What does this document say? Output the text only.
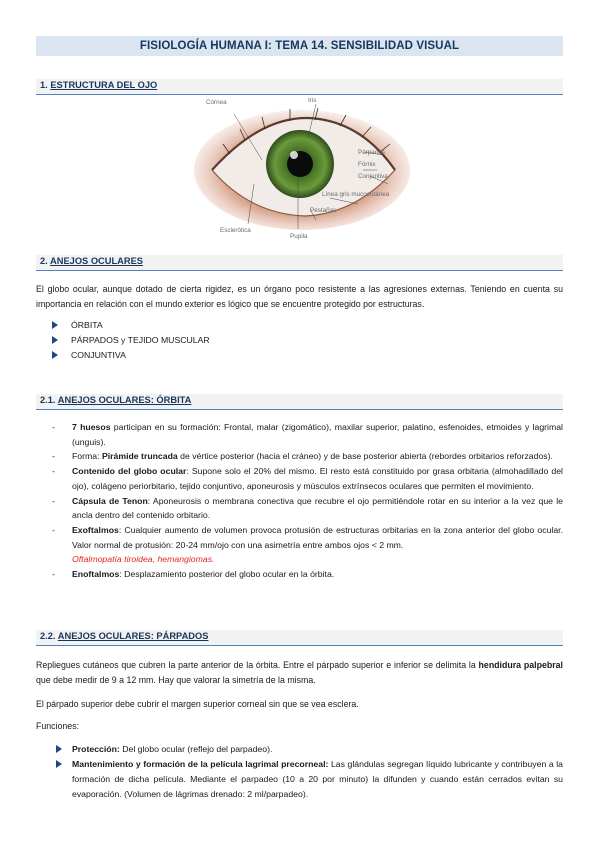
FISIOLOGÍA HUMANA I: TEMA 14. SENSIBILIDAD VISUAL
1. ESTRUCTURA DEL OJO
Córnea	Iris
Párpados
Fórnix
Conjuntiva
Línea gris mucocutánea
Pestañas
Esclerótica
Pupila
2. ANEJOS OCULARES
El globo ocular, aunque dotado de cierta rigidez, es un órgano poco resistente a las agresiones externas. Teniendo en cuenta su importancia en relación con el mundo exterior es lógico que se encuentre protegido por estructuras.
ÓRBITA
PÁRPADOS y TEJIDO MUSCULAR
CONJUNTIVA
2.1. ANEJOS OCULARES: ÓRBITA
- 7 huesos participan en su formación: Frontal, malar (zigomático), maxilar superior, palatino, esfenoides, etmoides y lagrimal (unguis).
- Forma: Pirámide truncada de vértice posterior (hacia el cráneo) y de base posterior abierta (rebordes orbitarios reforzados).
- Contenido del globo ocular: Supone solo el 20% del mismo. El resto está constituido por grasa orbitaria (almohadillado del ojo), colágeno periorbitario, tejido conjuntivo, aponeurosis y músculos extrínsecos oculares que permiten el movimiento.
- Cápsula de Tenon: Aponeurosis o membrana conectiva que recubre el ojo permitiéndole rotar en su interior a la vez que le ancla dentro del contenido orbitario.
- Exoftalmos: Cualquier aumento de volumen provoca protusión de estructuras orbitarias en la zona anterior del globo ocular. Valor normal de protusión: 20-24 mm/ojo con una asimetría entre ambos ojos < 2 mm.
Oftalmopatía tiroidea, hemangiomas.
- Enoftalmos: Desplazamiento posterior del globo ocular en la órbita.
2.2. ANEJOS OCULARES: PÁRPADOS
Repliegues cutáneos que cubren la parte anterior de la órbita. Entre el párpado superior e inferior se delimita la hendidura palpebral que debe medir de 9 a 12 mm. Hay que valorar la simetría de la misma.
El párpado superior debe cubrir el margen superior corneal sin que se vea esclera.
Funciones:
Protección: Del globo ocular (reflejo del parpadeo).
Mantenimiento y formación de la película lagrimal precorneal: Las glándulas segregan líquido lubricante y contribuyen a la formación de dicha película. Mediante el parpadeo (10 a 20 por minuto) la difunden y cuando están cerrados evitan su evaporación. (Volumen de lágrimas drenado: 2 ml/parpadeo).
